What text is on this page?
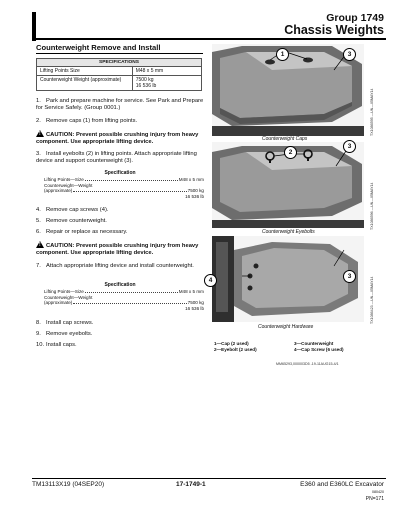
Group 1749
Chassis Weights
Counterweight Remove and Install
SPECIFICATIONS	
Lifting Points Size	M48 x 5 mm
Counterweight Weight (approximate)	7500 kg
16 536 lb
1. Park and prepare machine for service. See Park and Prepare for Service Safely. (Group 0001.)
2. Remove caps (1) from lifting points.
!CAUTION: Prevent possible crushing injury from heavy component. Use appropriate lifting device.
3. Install eyebolts (2) in lifting points. Attach appropriate lifting device and support counterweight (3).
Specification
Lifting Points—Size	M48 x 5 mm
Counterweight—Weight
(approximate)	7500 kg
16 536 lb
4. Remove cap screws (4).
5. Remove counterweight.
6. Repair or replace as necessary.
!CAUTION: Prevent possible crushing injury from heavy component. Use appropriate lifting device.
7. Attach appropriate lifting device and install counterweight.
Specification
Lifting Points—Size	M48 x 5 mm
Counterweight—Weight
(approximate)	7500 kg
16 536 lb
8. Install cap screws.
9. Remove eyebolts.
10. Install caps.
1	3
Counterweight Caps
TX1086595 —UN—05MAY14
2
3
Counterweight Eyebolts
TX1086596 —UN—05MAY14
3
4
Counterweight Hardware
TX1086423 —UN—05MAY14
1—Cap (2 used)
2—Eyebolt (2 used)
3—Counterweight
4—Cap Screw (6 used)
MM65293,000003D5 -19-11AUG15-4/1
TM13113X19 (04SEP20)	17-1749-1	E360 and E360LC Excavator
080420
PN=171
